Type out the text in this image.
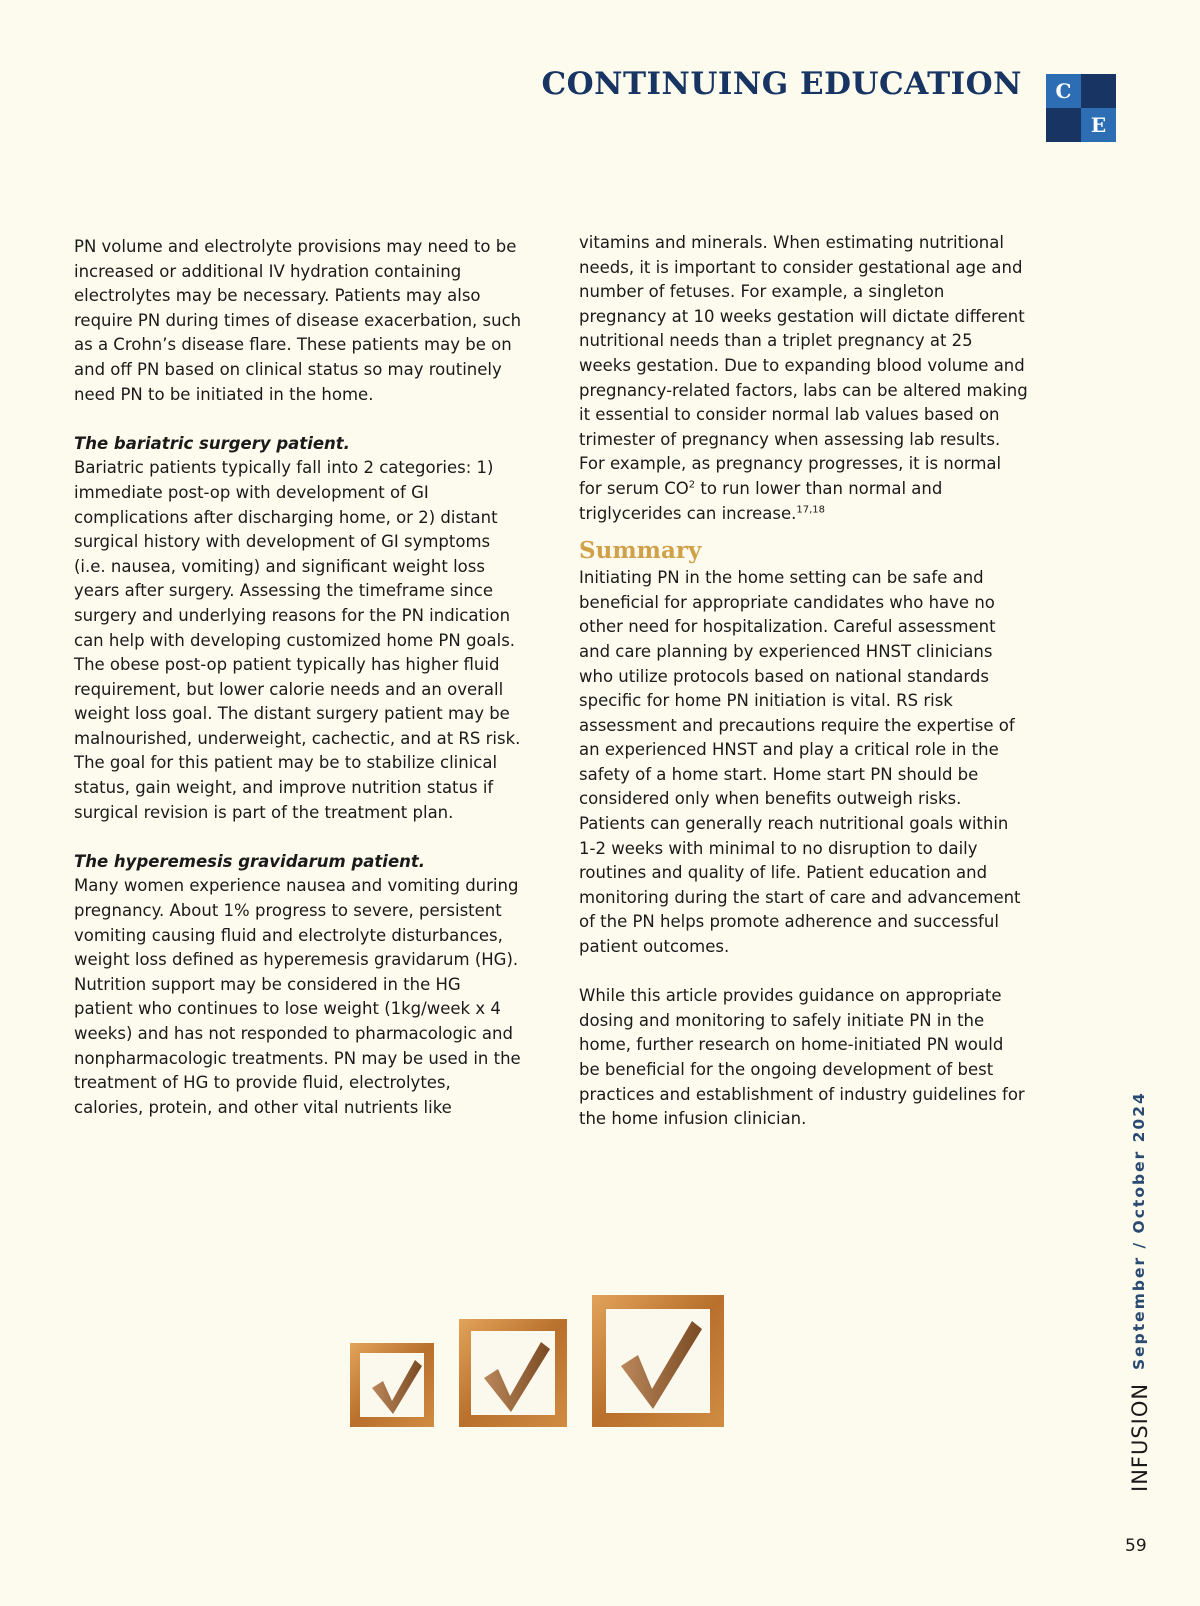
CONTINUING EDUCATION	C
E

PN volume and electrolyte provisions may need to be increased or additional IV hydration containing electrolytes may be necessary. Patients may also require PN during times of disease exacerbation, such as a Crohn’s disease flare. These patients may be on and off PN based on clinical status so may routinely need PN to be initiated in the home.

The bariatric surgery patient.

Bariatric patients typically fall into 2 categories: 1) immediate post-op with development of GI complications after discharging home, or 2) distant surgical history with development of GI symptoms (i.e. nausea, vomiting) and significant weight loss years after surgery. Assessing the timeframe since surgery and underlying reasons for the PN indication can help with developing customized home PN goals. The obese post-op patient typically has higher fluid requirement, but lower calorie needs and an overall weight loss goal. The distant surgery patient may be malnourished, underweight, cachectic, and at RS risk. The goal for this patient may be to stabilize clinical status, gain weight, and improve nutrition status if surgical revision is part of the treatment plan.

The hyperemesis gravidarum patient.

Many women experience nausea and vomiting during pregnancy. About 1% progress to severe, persistent vomiting causing fluid and electrolyte disturbances, weight loss defined as hyperemesis gravidarum (HG). Nutrition support may be considered in the HG patient who continues to lose weight (1kg/week x 4 weeks) and has not responded to pharmacologic and nonpharmacologic treatments. PN may be used in the treatment of HG to provide fluid, electrolytes, calories, protein, and other vital nutrients like

vitamins and minerals. When estimating nutritional needs, it is important to consider gestational age and number of fetuses. For example, a singleton pregnancy at 10 weeks gestation will dictate different nutritional needs than a triplet pregnancy at 25 weeks gestation. Due to expanding blood volume and pregnancy-related factors, labs can be altered making it essential to consider normal lab values based on trimester of pregnancy when assessing lab results. For example, as pregnancy progresses, it is normal for serum $CO^2$ to run lower than normal and triglycerides can increase.$^{17,18}$

Summary

Initiating PN in the home setting can be safe and beneficial for appropriate candidates who have no other need for hospitalization. Careful assessment and care planning by experienced HNST clinicians who utilize protocols based on national standards specific for home PN initiation is vital. RS risk assessment and precautions require the expertise of an experienced HNST and play a critical role in the safety of a home start. Home start PN should be considered only when benefits outweigh risks. Patients can generally reach nutritional goals within 1-2 weeks with minimal to no disruption to daily routines and quality of life. Patient education and monitoring during the start of care and advancement of the PN helps promote adherence and successful patient outcomes.

While this article provides guidance on appropriate dosing and monitoring to safely initiate PN in the home, further research on home-initiated PN would be beneficial for the ongoing development of best practices and establishment of industry guidelines for the home infusion clinician.	September / October 2024
INFUSION
59
